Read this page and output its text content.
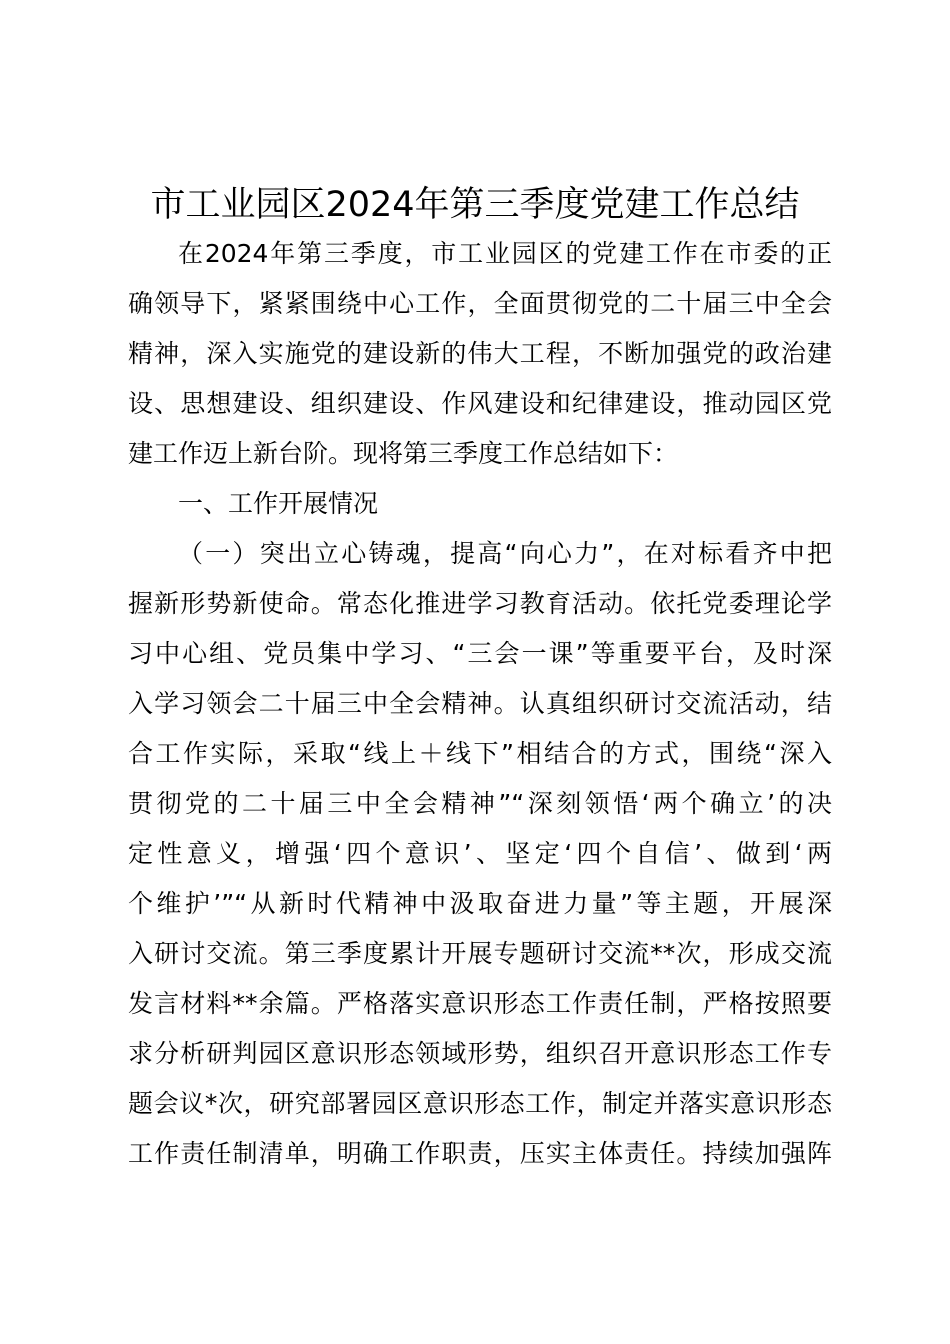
市工业园区2024年第三季度党建工作总结
在2024年第三季度，市工业园区的党建工作在市委的正
确领导下，紧紧围绕中心工作，全面贯彻党的二十届三中全会
精神，深入实施党的建设新的伟大工程，不断加强党的政治建
设、思想建设、组织建设、作风建设和纪律建设，推动园区党
建工作迈上新台阶。现将第三季度工作总结如下：
一、工作开展情况
（一）突出立心铸魂，提高“向心力”，在对标看齐中把
握新形势新使命。常态化推进学习教育活动。依托党委理论学
习中心组、党员集中学习、“三会一课”等重要平台，及时深
入学习领会二十届三中全会精神。认真组织研讨交流活动，结
合工作实际，采取“线上＋线下”相结合的方式，围绕“深入
贯彻党的二十届三中全会精神”“深刻领悟‘两个确立’的决
定性意义，增强‘四个意识’、坚定‘四个自信’、做到‘两
个维护’”“从新时代精神中汲取奋进力量”等主题，开展深
入研讨交流。第三季度累计开展专题研讨交流**次，形成交流
发言材料**余篇。严格落实意识形态工作责任制，严格按照要
求分析研判园区意识形态领域形势，组织召开意识形态工作专
题会议*次，研究部署园区意识形态工作，制定并落实意识形态
工作责任制清单，明确工作职责，压实主体责任。持续加强阵
